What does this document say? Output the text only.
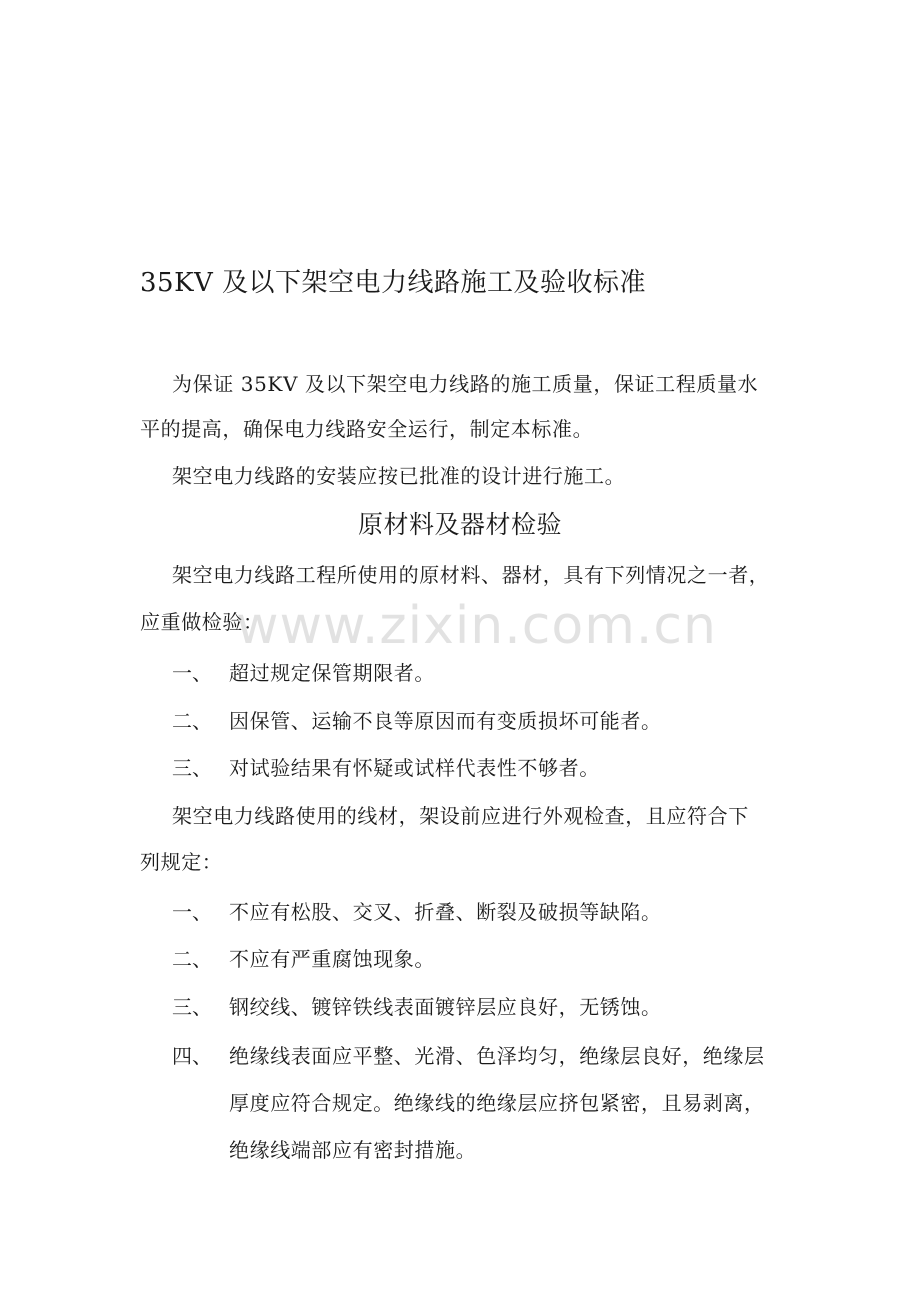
35KV 及以下架空电力线路施工及验收标准
为保证 35KV 及以下架空电力线路的施工质量，保证工程质量水
平的提高，确保电力线路安全运行，制定本标准。
架空电力线路的安装应按已批准的设计进行施工。
原材料及器材检验
架空电力线路工程所使用的原材料、器材，具有下列情况之一者，
应重做检验：
www.zixin.com.cn
一、 超过规定保管期限者。
二、 因保管、运输不良等原因而有变质损坏可能者。
三、 对试验结果有怀疑或试样代表性不够者。
架空电力线路使用的线材，架设前应进行外观检查，且应符合下
列规定：
一、 不应有松股、交叉、折叠、断裂及破损等缺陷。
二、 不应有严重腐蚀现象。
三、 钢绞线、镀锌铁线表面镀锌层应良好，无锈蚀。
四、 绝缘线表面应平整、光滑、色泽均匀，绝缘层良好，绝缘层
厚度应符合规定。绝缘线的绝缘层应挤包紧密，且易剥离，
绝缘线端部应有密封措施。
